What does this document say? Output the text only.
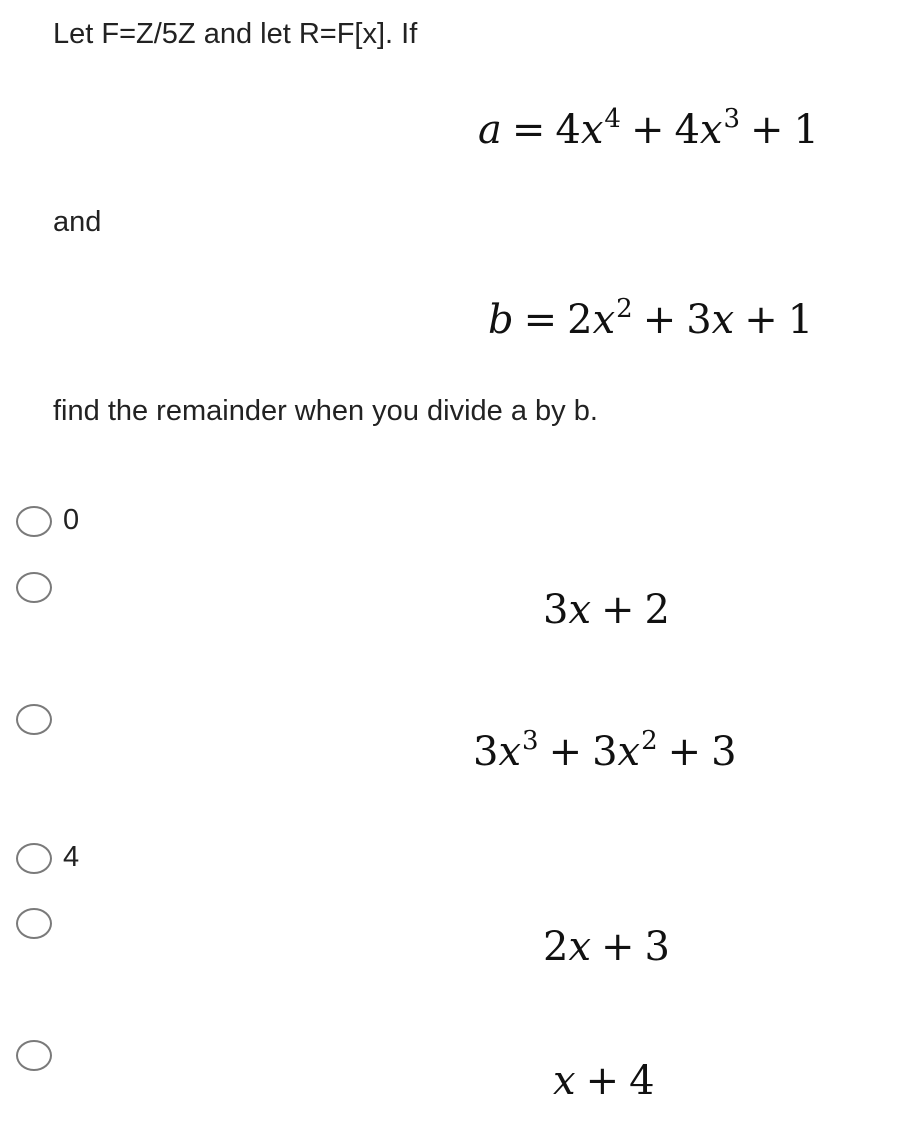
Let F=Z/5Z and let R=F[x]. If
$a = 4x^4 + 4x^3 + 1$
and
$b = 2x^2 + 3x + 1$
find the remainder when you divide a by b.
0
3x + 2
$3x^3 + 3x^2 + 3$
4
2x + 3
x + 4
